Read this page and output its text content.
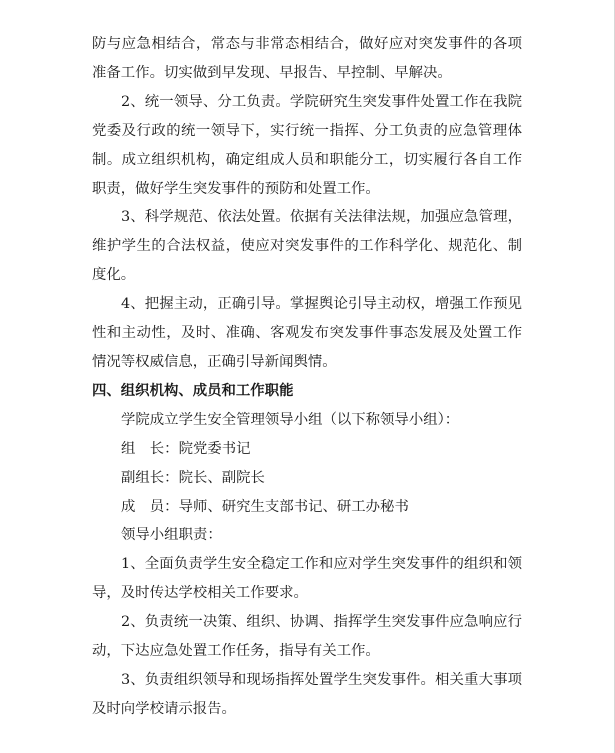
防与应急相结合，常态与非常态相结合，做好应对突发事件的各项准备工作。切实做到早发现、早报告、早控制、早解决。

2、统一领导、分工负责。学院研究生突发事件处置工作在我院党委及行政的统一领导下，实行统一指挥、分工负责的应急管理体制。成立组织机构，确定组成人员和职能分工，切实履行各自工作职责，做好学生突发事件的预防和处置工作。

3、科学规范、依法处置。依据有关法律法规，加强应急管理，维护学生的合法权益，使应对突发事件的工作科学化、规范化、制度化。

4、把握主动，正确引导。掌握舆论引导主动权，增强工作预见性和主动性，及时、准确、客观发布突发事件事态发展及处置工作情况等权威信息，正确引导新闻舆情。

四、组织机构、成员和工作职能

学院成立学生安全管理领导小组（以下称领导小组）：

组　长：院党委书记

副组长：院长、副院长

成　员：导师、研究生支部书记、研工办秘书

领导小组职责：

1、全面负责学生安全稳定工作和应对学生突发事件的组织和领导，及时传达学校相关工作要求。

2、负责统一决策、组织、协调、指挥学生突发事件应急响应行动，下达应急处置工作任务，指导有关工作。

3、负责组织领导和现场指挥处置学生突发事件。相关重大事项及时向学校请示报告。
